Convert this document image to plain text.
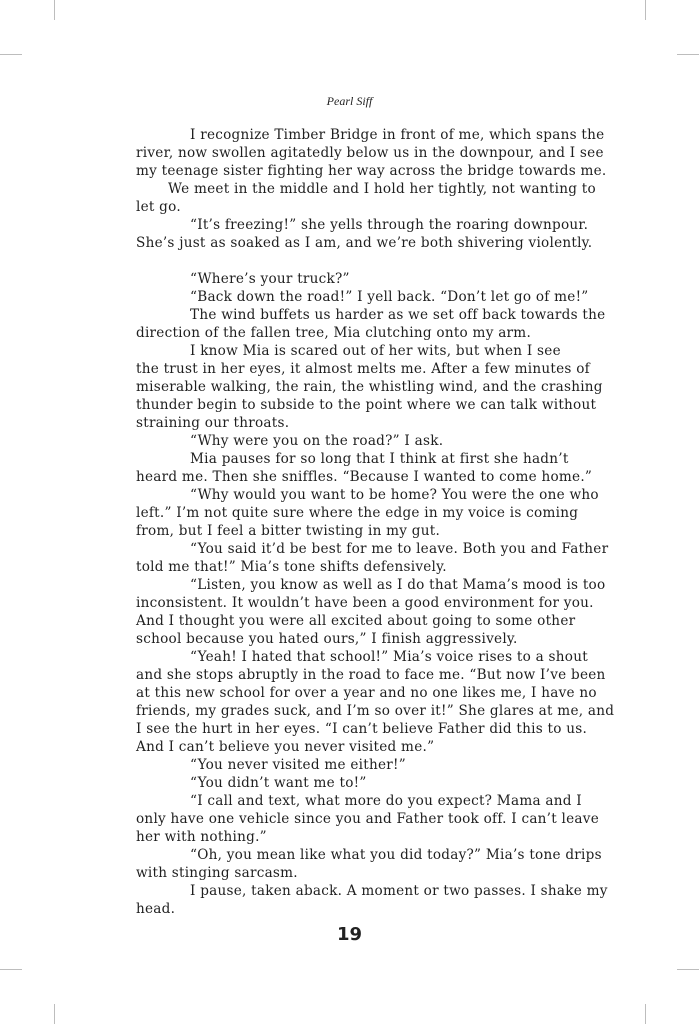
Pearl Siff
I recognize Timber Bridge in front of me, which spans the
river, now swollen agitatedly below us in the downpour, and I see
my teenage sister fighting her way across the bridge towards me.
We meet in the middle and I hold her tightly, not wanting to
let go.
“It’s freezing!” she yells through the roaring downpour.
She’s just as soaked as I am, and we’re both shivering violently.
“Where’s your truck?”
“Back down the road!” I yell back. “Don’t let go of me!”
The wind buffets us harder as we set off back towards the
direction of the fallen tree, Mia clutching onto my arm.
I know Mia is scared out of her wits, but when I see
the trust in her eyes, it almost melts me. After a few minutes of
miserable walking, the rain, the whistling wind, and the crashing
thunder begin to subside to the point where we can talk without
straining our throats.
“Why were you on the road?” I ask.
Mia pauses for so long that I think at first she hadn’t
heard me. Then she sniffles. “Because I wanted to come home.”
“Why would you want to be home? You were the one who
left.” I’m not quite sure where the edge in my voice is coming
from, but I feel a bitter twisting in my gut.
“You said it’d be best for me to leave. Both you and Father
told me that!” Mia’s tone shifts defensively.
“Listen, you know as well as I do that Mama’s mood is too
inconsistent. It wouldn’t have been a good environment for you.
And I thought you were all excited about going to some other
school because you hated ours,” I finish aggressively.
“Yeah! I hated that school!” Mia’s voice rises to a shout
and she stops abruptly in the road to face me. “But now I’ve been
at this new school for over a year and no one likes me, I have no
friends, my grades suck, and I’m so over it!” She glares at me, and
I see the hurt in her eyes. “I can’t believe Father did this to us.
And I can’t believe you never visited me.”
“You never visited me either!”
“You didn’t want me to!”
“I call and text, what more do you expect? Mama and I
only have one vehicle since you and Father took off. I can’t leave
her with nothing.”
“Oh, you mean like what you did today?” Mia’s tone drips
with stinging sarcasm.
I pause, taken aback. A moment or two passes. I shake my
head.
19
